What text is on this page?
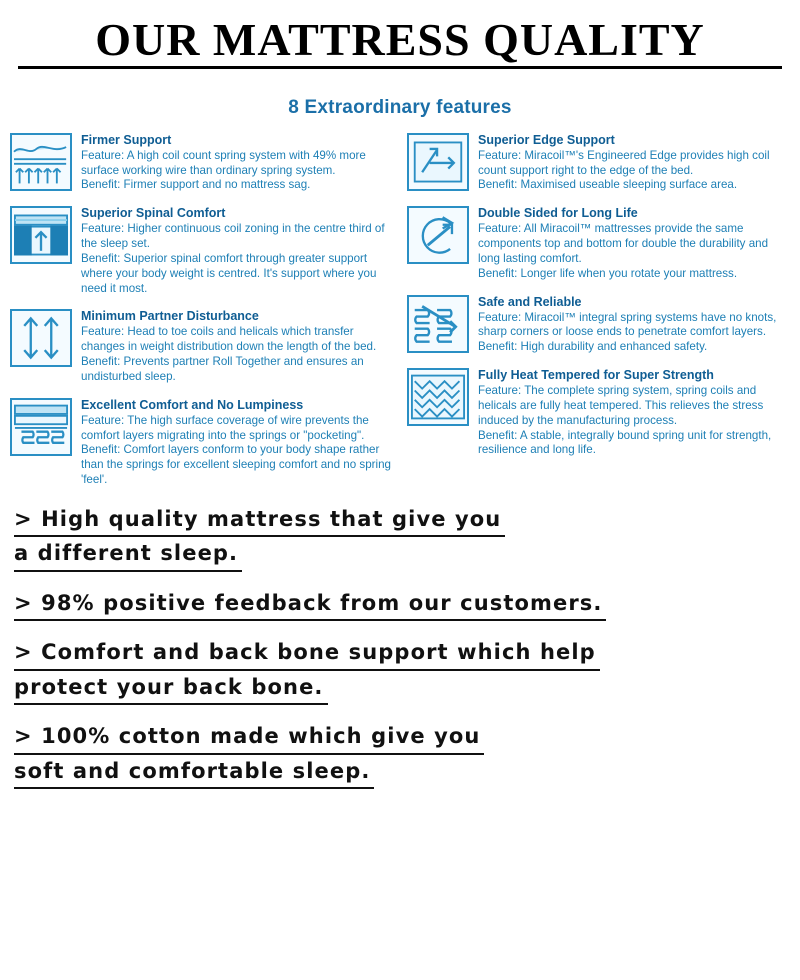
OUR MATTRESS QUALITY
8 Extraordinary features
Firmer Support
Feature: A high coil count spring system with 49% more surface working wire than ordinary spring system.
Benefit: Firmer support and no mattress sag.
Superior Spinal Comfort
Feature: Higher continuous coil zoning in the centre third of the sleep set.
Benefit: Superior spinal comfort through greater support where your body weight is centred. It's support where you need it most.
Minimum Partner Disturbance
Feature: Head to toe coils and helicals which transfer changes in weight distribution down the length of the bed.
Benefit: Prevents partner Roll Together and ensures an undisturbed sleep.
Excellent Comfort and No Lumpiness
Feature: The high surface coverage of wire prevents the comfort layers migrating into the springs or "pocketing".
Benefit: Comfort layers conform to your body shape rather than the springs for excellent sleeping comfort and no spring 'feel'.
Superior Edge Support
Feature: Miracoil™'s Engineered Edge provides high coil count support right to the edge of the bed.
Benefit: Maximised useable sleeping surface area.
Double Sided for Long Life
Feature: All Miracoil™ mattresses provide the same components top and bottom for double the durability and long lasting comfort.
Benefit: Longer life when you rotate your mattress.
Safe and Reliable
Feature: Miracoil™ integral spring systems have no knots, sharp corners or loose ends to penetrate comfort layers.
Benefit: High durability and enhanced safety.
Fully Heat Tempered for Super Strength
Feature: The complete spring system, spring coils and helicals are fully heat tempered. This relieves the stress induced by the manufacturing process.
Benefit: A stable, integrally bound spring unit for strength, resilience and long life.
> High quality mattress that give you
a different sleep.
> 98% positive feedback from our customers.
> Comfort and back bone support which help
protect your back bone.
> 100% cotton made which give you
soft and comfortable sleep.
